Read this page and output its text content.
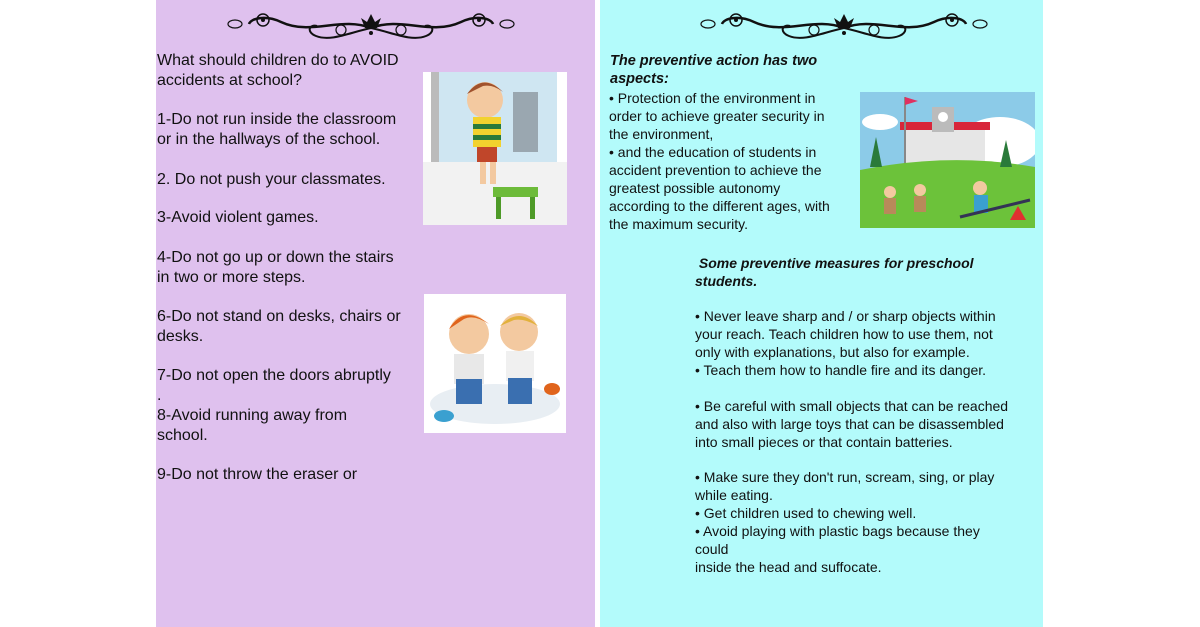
What should children do to AVOID
accidents at school?
1-Do not run inside the classroom
or in the hallways of the school.
2. Do not push your classmates.
3-Avoid violent games.
4-Do not go up or down the stairs
in two or more steps.
6-Do not stand on desks, chairs or
desks.
7-Do not open the doors abruptly
.
8-Avoid running away from
school.
9-Do not throw the eraser or
The preventive action has two
aspects:
• Protection of the environment in
order to achieve greater security in
the environment,
• and the education of students in
accident prevention to achieve the
greatest possible autonomy
according to the different ages, with
the maximum security.
Some preventive measures for preschool
students.
• Never leave sharp and / or sharp objects within
your reach. Teach children how to use them, not
only with explanations, but also for example.
• Teach them how to handle fire and its danger.
• Be careful with small objects that can be reached
and also with large toys that can be disassembled
into small pieces or that contain batteries.
• Make sure they don't run, scream, sing, or play
while eating.
• Get children used to chewing well.
• Avoid playing with plastic bags because they
could
inside the head and suffocate.
